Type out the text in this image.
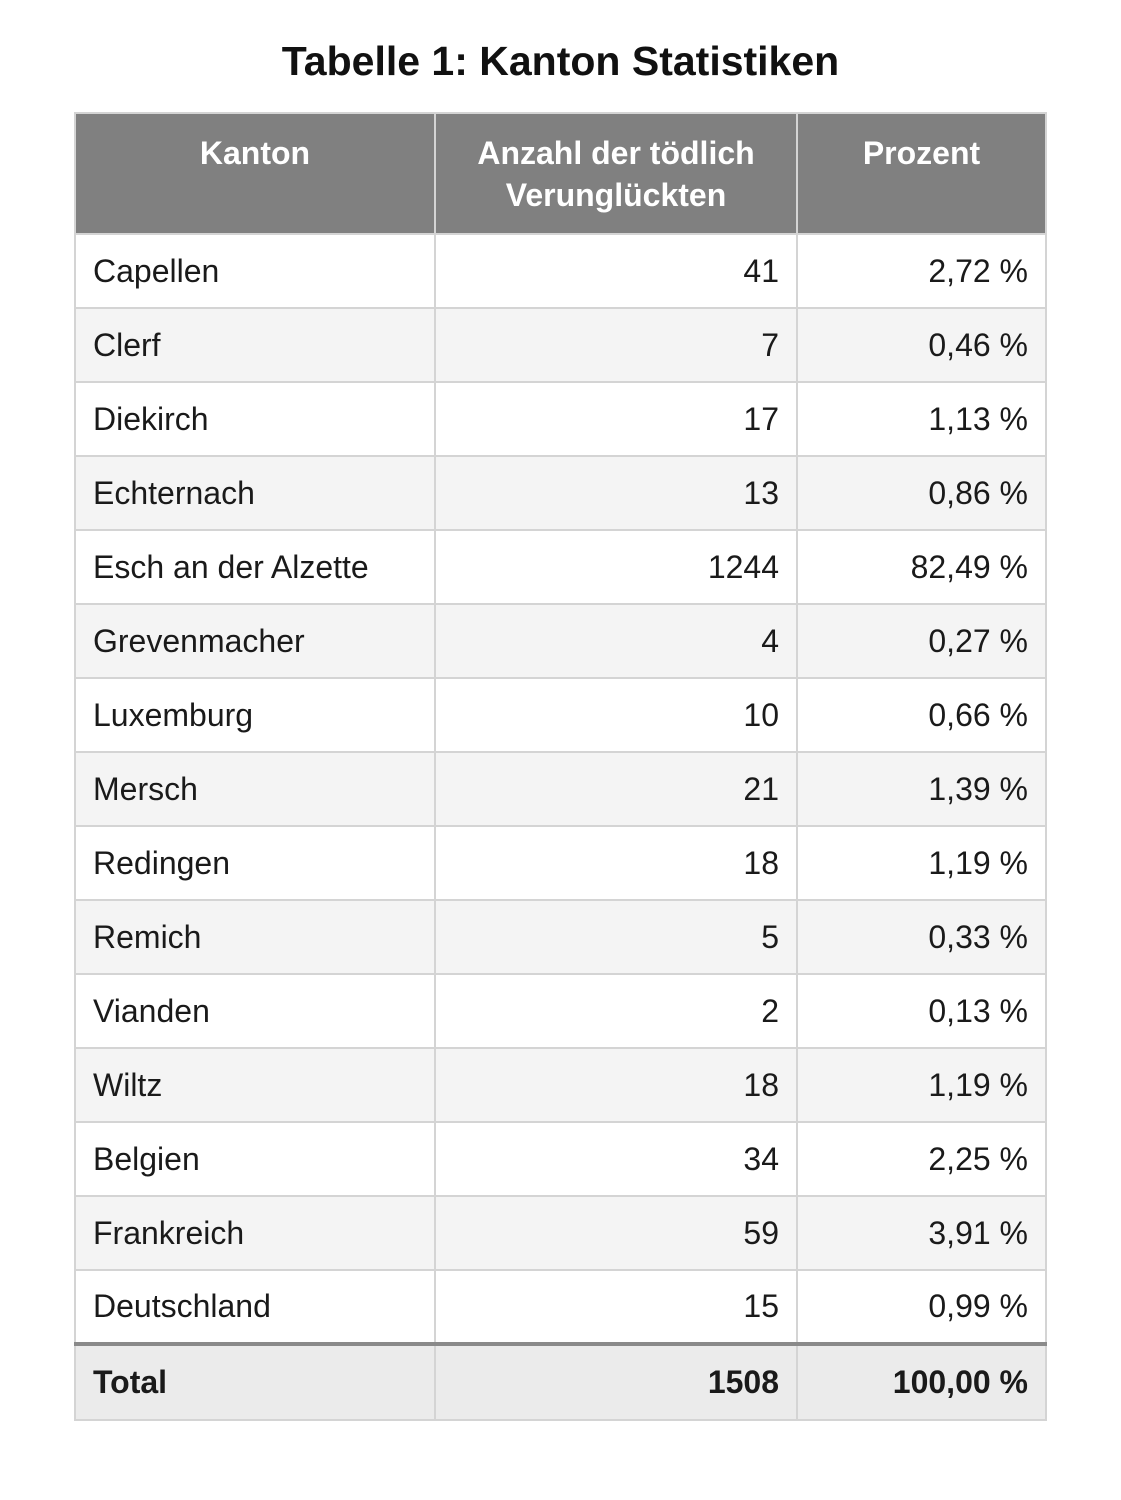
Tabelle 1: Kanton Statistiken
Kanton	Anzahl der tödlich Verunglückten	Prozent
Capellen	41	2,72 %
Clerf	7	0,46 %
Diekirch	17	1,13 %
Echternach	13	0,86 %
Esch an der Alzette	1244	82,49 %
Grevenmacher	4	0,27 %
Luxemburg	10	0,66 %
Mersch	21	1,39 %
Redingen	18	1,19 %
Remich	5	0,33 %
Vianden	2	0,13 %
Wiltz	18	1,19 %
Belgien	34	2,25 %
Frankreich	59	3,91 %
Deutschland	15	0,99 %
Total	1508	100,00 %
